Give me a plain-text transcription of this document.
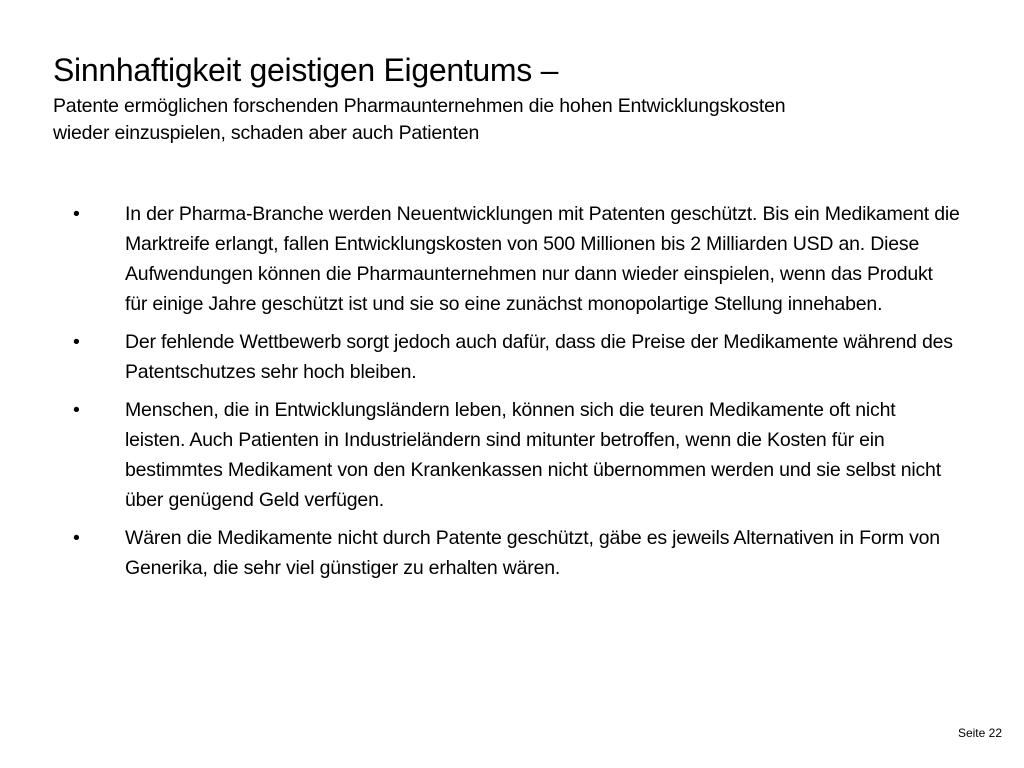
Sinnhaftigkeit geistigen Eigentums –

Patente ermöglichen forschenden Pharmaunternehmen die hohen Entwicklungskosten
wieder einzuspielen, schaden aber auch Patienten

•	In der Pharma-Branche werden Neuentwicklungen mit Patenten geschützt. Bis ein Medikament die Marktreife erlangt, fallen Entwicklungskosten von 500 Millionen bis 2 Milliarden USD an. Diese Aufwendungen können die Pharmaunternehmen nur dann wieder einspielen, wenn das Produkt für einige Jahre geschützt ist und sie so eine zunächst monopolartige Stellung innehaben.
•	Der fehlende Wettbewerb sorgt jedoch auch dafür, dass die Preise der Medikamente während des Patentschutzes sehr hoch bleiben.
•	Menschen, die in Entwicklungsländern leben, können sich die teuren Medikamente oft nicht leisten. Auch Patienten in Industrieländern sind mitunter betroffen, wenn die Kosten für ein bestimmtes Medikament von den Krankenkassen nicht übernommen werden und sie selbst nicht über genügend Geld verfügen.
•	Wären die Medikamente nicht durch Patente geschützt, gäbe es jeweils Alternativen in Form von Generika, die sehr viel günstiger zu erhalten wären.
Seite 22
